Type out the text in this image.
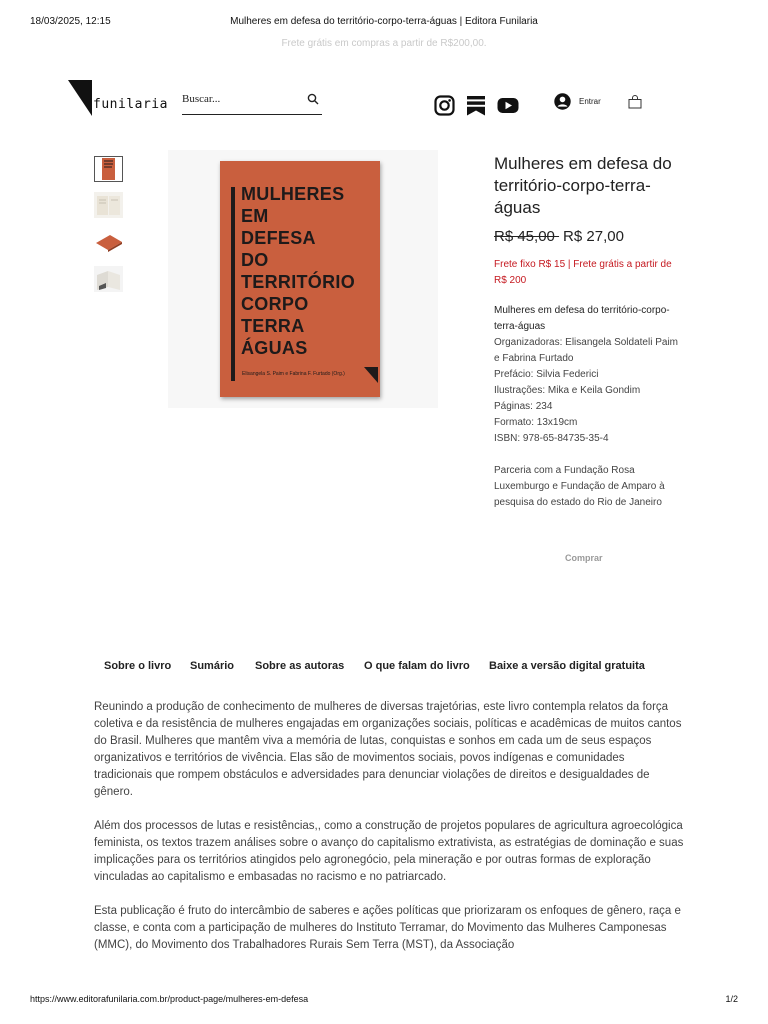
18/03/2025, 12:15	Mulheres em defesa do território-corpo-terra-águas | Editora Funilaria
Frete grátis em compras a partir de R$200,00.
funilaria
Buscar...	Entrar
MULHERES
EM
DEFESA
DO
TERRITÓRIO
CORPO
TERRA
ÁGUAS
Elisangela S. Paim e Fabrina F. Furtado (Org.)
Mulheres em defesa do território-corpo-terra-águas
R$ 45,00 R$ 27,00
Frete fixo R$ 15 | Frete grátis a partir de R$ 200
Mulheres em defesa do território-corpo-terra-águas
Organizadoras: Elisangela Soldateli Paim e Fabrina Furtado
Prefácio: Silvia Federici
Ilustrações: Mika e Keila Gondim
Páginas: 234
Formato: 13x19cm
ISBN: 978-65-84735-35-4
Parceria com a Fundação Rosa Luxemburgo e Fundação de Amparo à pesquisa do estado do Rio de Janeiro
Comprar
Sobre o livro Sumário Sobre as autoras O que falam do livro Baixe a versão digital gratuita

Reunindo a produção de conhecimento de mulheres de diversas trajetórias, este livro contempla relatos da força coletiva e da resistência de mulheres engajadas em organizações sociais, políticas e acadêmicas de muitos cantos do Brasil. Mulheres que mantêm viva a memória de lutas, conquistas e sonhos em cada um de seus espaços organizativos e territórios de vivência. Elas são de movimentos sociais, povos indígenas e comunidades tradicionais que rompem obstáculos e adversidades para denunciar violações de direitos e desigualdades de gênero.

Além dos processos de lutas e resistências,, como a construção de projetos populares de agricultura agroecológica feminista, os textos trazem análises sobre o avanço do capitalismo extrativista, as estratégias de dominação e suas implicações para os territórios atingidos pelo agronegócio, pela mineração e por outras formas de exploração vinculadas ao capitalismo e embasadas no racismo e no patriarcado.

Esta publicação é fruto do intercâmbio de saberes e ações políticas que priorizaram os enfoques de gênero, raça e classe, e conta com a participação de mulheres do Instituto Terramar, do Movimento das Mulheres Camponesas (MMC), do Movimento dos Trabalhadores Rurais Sem Terra (MST), da Associação

https://www.editorafunilaria.com.br/product-page/mulheres-em-defesa	1/2
